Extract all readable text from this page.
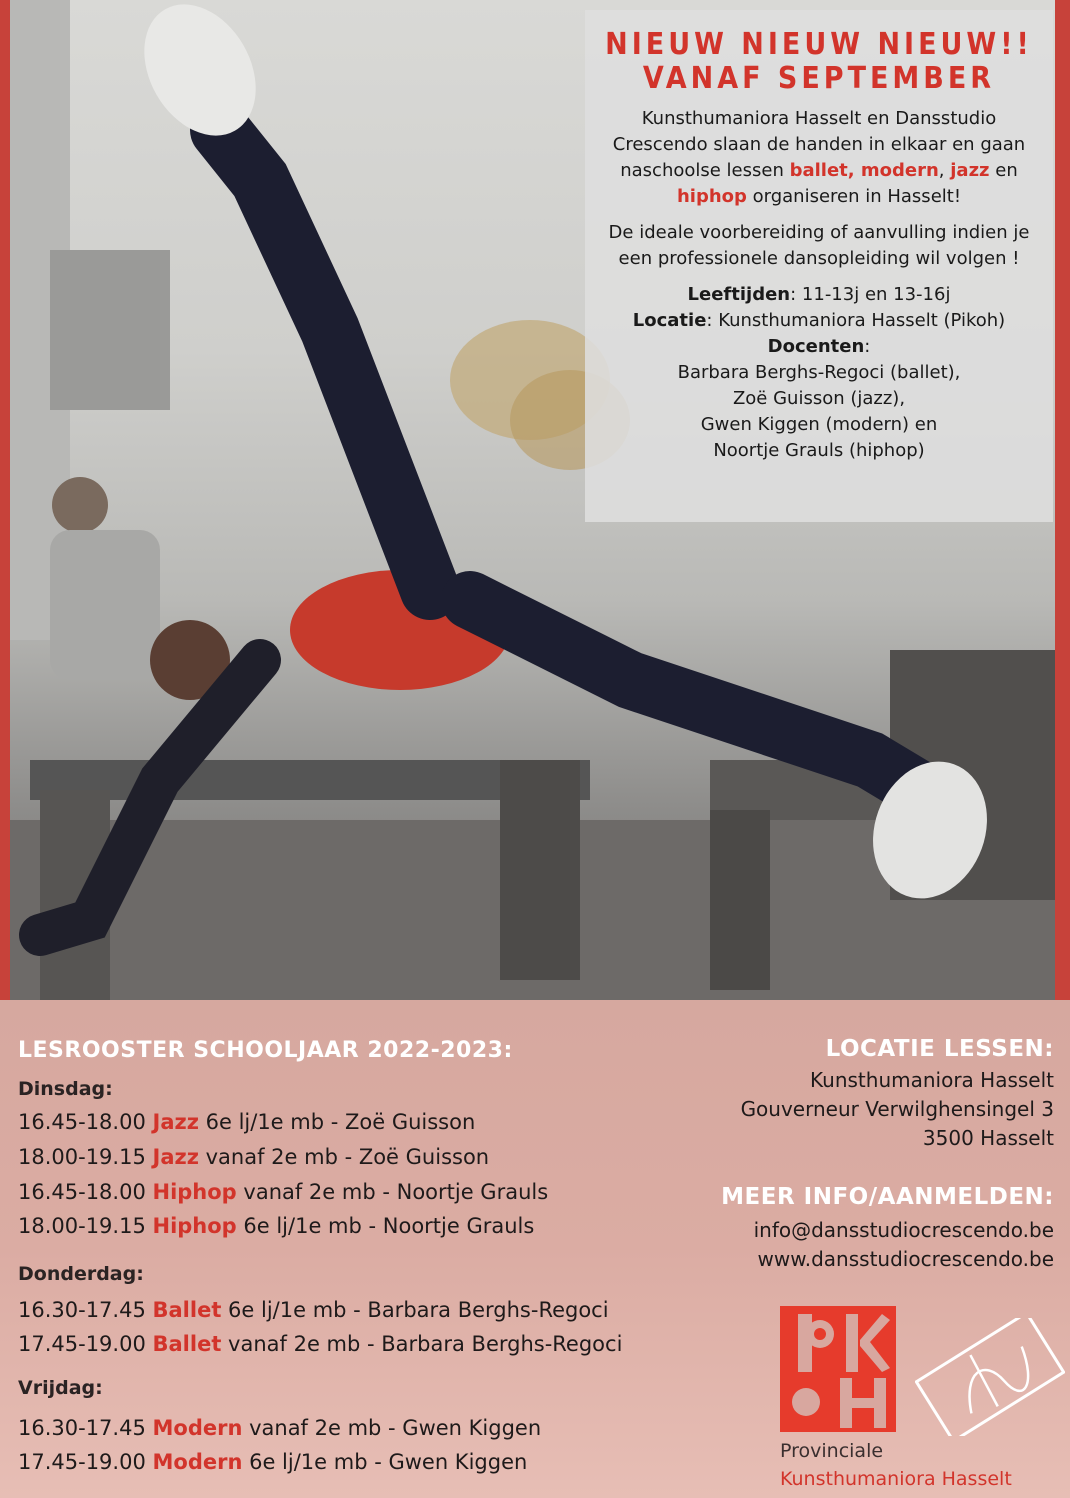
NIEUW NIEUW NIEUW!!
VANAF SEPTEMBER
Kunsthumaniora Hasselt en Dansstudio Crescendo slaan de handen in elkaar en gaan naschoolse lessen ballet, modern, jazz en hiphop organiseren in Hasselt!
De ideale voorbereiding of aanvulling indien je een professionele dansopleiding wil volgen !
Leeftijden: 11-13j en 13-16j
Locatie: Kunsthumaniora Hasselt (Pikoh)
Docenten:
Barbara Berghs-Regoci (ballet),
Zoë Guisson (jazz),
Gwen Kiggen (modern) en
Noortje Grauls (hiphop)
LESROOSTER SCHOOLJAAR 2022-2023:
Dinsdag:
16.45-18.00 Jazz 6e lj/1e mb - Zoë Guisson
18.00-19.15 Jazz vanaf 2e mb - Zoë Guisson
16.45-18.00 Hiphop vanaf 2e mb - Noortje Grauls
18.00-19.15 Hiphop 6e lj/1e mb - Noortje Grauls
Donderdag:
16.30-17.45 Ballet 6e lj/1e mb - Barbara Berghs-Regoci
17.45-19.00 Ballet vanaf 2e mb - Barbara Berghs-Regoci
Vrijdag:
16.30-17.45 Modern vanaf 2e mb - Gwen Kiggen
17.45-19.00 Modern 6e lj/1e mb - Gwen Kiggen
LOCATIE LESSEN:
Kunsthumaniora Hasselt
Gouverneur Verwilghensingel 3
3500 Hasselt
MEER INFO/AANMELDEN:
info@dansstudiocrescendo.be
www.dansstudiocrescendo.be
Provinciale
Kunsthumaniora Hasselt
